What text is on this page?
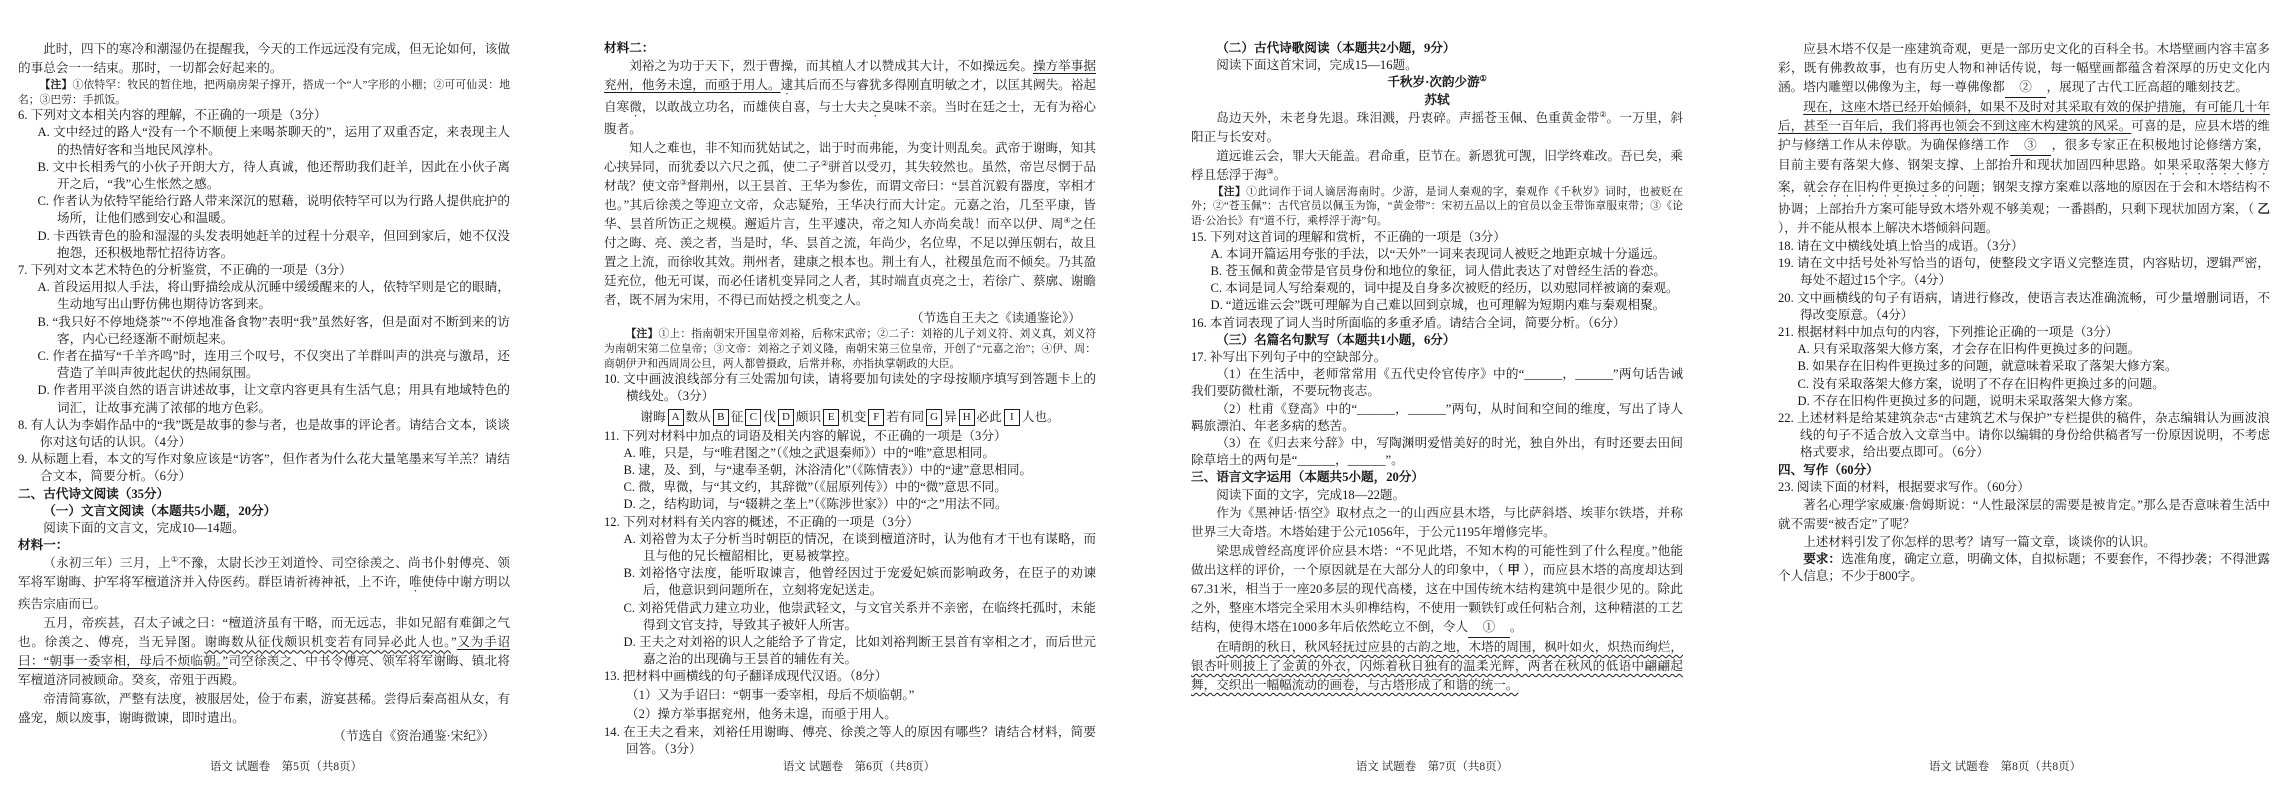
此时，四下的寒冷和潮湿仍在提醒我，今天的工作远远没有完成，但无论如何，该做的事总会一一结束。那时，一切都会好起来的。
【注】①依特罕：牧民的暂住地，把两扇房架子撑开，搭成一个“人”字形的小棚；②可可仙灵：地名；③巴劳：手抓饭。
6. 下列对文本相关内容的理解，不正确的一项是（3分）
A. 文中经过的路人“没有一个不顺便上来喝茶聊天的”，运用了双重否定，来表现主人的热情好客和当地民风淳朴。
B. 文中长相秀气的小伙子开朗大方，待人真诚，他还帮助我们赶羊，因此在小伙子离开之后，“我”心生怅然之感。
C. 作者认为依特罕能给行路人带来深沉的慰藉，说明依特罕可以为行路人提供庇护的场所，让他们感到安心和温暖。
D. 卡西铁青色的脸和湿湿的头发表明她赶羊的过程十分艰辛，但回到家后，她不仅没抱怨，还积极地帮忙招待访客。
7. 下列对文本艺术特色的分析鉴赏，不正确的一项是（3分）
A. 首段运用拟人手法，将山野描绘成从沉睡中缓缓醒来的人，依特罕则是它的眼睛，生动地写出山野仿佛也期待访客到来。
B. “我只好不停地烧茶”“不停地准备食物”表明“我”虽然好客，但是面对不断到来的访客，内心已经逐渐不耐烦起来。
C. 作者在描写“千羊齐鸣”时，连用三个叹号，不仅突出了羊群叫声的洪亮与激昂，还营造了羊叫声彼此起伏的热闹氛围。
D. 作者用平淡自然的语言讲述故事，让文章内容更具有生活气息；用具有地域特色的词汇，让故事充满了浓郁的地方色彩。
8. 有人认为李娟作品中的“我”既是故事的参与者，也是故事的评论者。请结合文本，谈谈你对这句话的认识。（4分）
9. 从标题上看，本文的写作对象应该是“访客”，但作者为什么花大量笔墨来写羊羔？请结合文本，简要分析。（6分）
二、古代诗文阅读（35分）
（一）文言文阅读（本题共5小题，20分）
阅读下面的文言文，完成10—14题。
材料一：
（永初三年）三月，上①不豫，太尉长沙王刘道怜、司空徐羡之、尚书仆射傅亮、领军将军谢晦、护军将军檀道济并入侍医药。群臣请祈祷神祇，上不许，唯使侍中谢方明以疾告宗庙而已。
五月，帝疾甚，召太子诫之曰：“檀道济虽有干略，而无远志，非如兄韶有难御之气也。徐羡之、傅亮，当无异图。谢晦数从征伐颇识机变若有同异必此人也。”又为手诏曰：“朝事一委宰相，母后不烦临朝。”司空徐羡之、中书令傅亮、领军将军谢晦、镇北将军檀道济同被顾命。癸亥，帝殂于西殿。
帝清简寡欲，严整有法度，被服居处，俭于布素，游宴甚稀。尝得后秦高祖从女，有盛宠，颇以废事，谢晦微谏，即时遣出。
（节选自《资治通鉴·宋纪》）
语文 试题卷　第5页（共8页）
材料二：
刘裕之为功于天下，烈于曹操，而其植人才以赞成其大计，不如操远矣。操方举事据兖州，他务未遑，而亟于用人。逮其后而丕与睿犹多得刚直明敏之才，以匡其阙失。裕起自寒微，以敢战立功名，而雄侠自喜，与士大夫之臭味不亲。当时在廷之士，无有为裕心腹者。
知人之难也，非不知而犹姑试之，诎于时而弗能，为变计则乱矣。武帝于谢晦，知其心挟异同，而犹委以六尺之孤，使二子②骈首以受刃，其失较然也。虽然，帝岂尽惘于品材哉？使文帝③督荆州，以王昙首、王华为参佐，而谓文帝曰：“昙首沉毅有器度，宰相才也。”其后徐羡之等迎立文帝，众志疑殆，王华决行而大计定。元嘉之治，几至平康，皆华、昙首所饬正之规模。邂逅片言，生平遽决，帝之知人亦尚矣哉！而卒以伊、周④之任付之晦、亮、羡之者，当是时，华、昙首之流，年尚少，名位卑，不足以弹压朝右，故且置之上流，而徐收其效。荆州者，建康之根本也。荆土有人，社稷虽危而不倾矣。乃其盈廷充位，他无可谋，而必任诸机变异同之人者，其时端直贞亮之士，若徐广、蔡廓、谢瞻者，既不屑为宋用，不得已而姑授之机变之人。
（节选自王夫之《读通鉴论》）
【注】①上：指南朝宋开国皇帝刘裕，后称宋武帝；②二子：刘裕的儿子刘义符、刘义真，刘义符为南朝宋第二位皇帝；③文帝：刘裕之子刘义隆，南朝宋第三位皇帝，开创了“元嘉之治”；④伊、周：商朝伊尹和西周周公旦，两人都曾摄政，后常并称，亦指执掌朝政的大臣。
10. 文中画波浪线部分有三处需加句读，请将要加句读处的字母按顺序填写到答题卡上的横线处。（3分）
谢晦 A 数从 B 征 C 伐 D 颇识 E 机变 F 若有同 G 异 H 必此 I 人也。
11. 下列对材料中加点的词语及相关内容的解说，不正确的一项是（3分）
A. 唯，只是，与“唯君图之”（《烛之武退秦师》）中的“唯”意思相同。
B. 逮，及、到，与“逮奉圣朝，沐浴清化”（《陈情表》）中的“逮”意思相同。
C. 微，卑微，与“其文约，其辞微”（《屈原列传》）中的“微”意思不同。
D. 之，结构助词，与“辍耕之垄上”（《陈涉世家》）中的“之”用法不同。
12. 下列对材料有关内容的概述，不正确的一项是（3分）
A. 刘裕曾为太子分析当时朝臣的情况，在谈到檀道济时，认为他有才干也有谋略，而且与他的兄长檀韶相比，更易被掌控。
B. 刘裕恪守法度，能听取谏言，他曾经因过于宠爱妃嫔而影响政务，在臣子的劝谏后，他意识到问题所在，立刻将宠妃送走。
C. 刘裕凭借武力建立功业，他崇武轻文，与文官关系并不亲密，在临终托孤时，未能得到文官支持，导致其子被奸人所害。
D. 王夫之对刘裕的识人之能给予了肯定，比如刘裕判断王昙首有宰相之才，而后世元嘉之治的出现确与王昙首的辅佐有关。
13. 把材料中画横线的句子翻译成现代汉语。（8分）
（1）又为手诏曰：“朝事一委宰相，母后不烦临朝。”
（2）操方举事据兖州，他务未遑，而亟于用人。
14. 在王夫之看来，刘裕任用谢晦、傅亮、徐羡之等人的原因有哪些？请结合材料，简要回答。（3分）
语文 试题卷　第6页（共8页）
（二）古代诗歌阅读（本题共2小题，9分）
阅读下面这首宋词，完成15—16题。
千秋岁·次韵少游①
苏轼
岛边天外，未老身先退。珠泪溅，丹衷碎。声摇苍玉佩、色重黄金带②。一万里，斜阳正与长安对。
道远谁云会，罪大天能盖。君命重，臣节在。新恩犹可觊，旧学终难改。吾已矣，乘桴且恁浮于海③。
【注】①此词作于词人谪居海南时。少游，是词人秦观的字，秦观作《千秋岁》词时，也被贬在外；②“苍玉佩”：古代官员以佩玉为饰，“黄金带”：宋初五品以上的官员以金玉带饰章服束带；③《论语·公冶长》有“道不行，乘桴浮于海”句。
15. 下列对这首词的理解和赏析，不正确的一项是（3分）
A. 本词开篇运用夸张的手法，以“天外”一词来表现词人被贬之地距京城十分遥远。
B. 苍玉佩和黄金带是官员身份和地位的象征，词人借此表达了对曾经生活的眷恋。
C. 本词是词人写给秦观的，词中提及自身多次被贬的经历，以劝慰同样被谪的秦观。
D. “道远谁云会”既可理解为自己难以回到京城，也可理解为短期内难与秦观相聚。
16. 本首词表现了词人当时所面临的多重矛盾。请结合全词，简要分析。（6分）
（三）名篇名句默写（本题共1小题，6分）
17. 补写出下列句子中的空缺部分。
（1）在生活中，老师常常用《五代史伶官传序》中的“______，______”两句话告诫我们要防微杜渐，不要玩物丧志。
（2）杜甫《登高》中的“______，______”两句，从时间和空间的维度，写出了诗人羁旅漂泊、年老多病的愁苦。
（3）在《归去来兮辞》中，写陶渊明爱惜美好的时光，独自外出，有时还要去田间除草培土的两句是“______，______”。
三、语言文字运用（本题共5小题，20分）
阅读下面的文字，完成18—22题。
作为《黑神话·悟空》取材点之一的山西应县木塔，与比萨斜塔、埃菲尔铁塔，并称世界三大奇塔。木塔始建于公元1056年，于公元1195年增修完毕。
梁思成曾经高度评价应县木塔：“不见此塔，不知木构的可能性到了什么程度。”他能做出这样的评价，一个原因就是在大部分人的印象中，（ 甲 ），而应县木塔的高度却达到67.31米，相当于一座20多层的现代高楼，这在中国传统木结构建筑中是很少见的。除此之外，整座木塔完全采用木头卯榫结构，不使用一颗铁钉或任何粘合剂，这种精湛的工艺结构，使得木塔在1000多年后依然屹立不倒，令人　①　。
在晴朗的秋日，秋风轻抚过应县的古韵之地，木塔的周围，枫叶如火，炽热而绚烂，银杏叶则披上了金黄的外衣，闪烁着秋日独有的温柔光辉，两者在秋风的低语中翩翩起舞，交织出一幅幅流动的画卷，与古塔形成了和谐的统一。
语文 试题卷　第7页（共8页）
应县木塔不仅是一座建筑奇观，更是一部历史文化的百科全书。木塔壁画内容丰富多彩，既有佛教故事，也有历史人物和神话传说，每一幅壁画都蕴含着深厚的历史文化内涵。塔内雕塑以佛像为主，每一尊佛像都　②　，展现了古代工匠高超的雕刻技艺。
现在，这座木塔已经开始倾斜，如果不及时对其采取有效的保护措施，有可能几十年后，甚至一百年后，我们将再也领会不到这座木构建筑的风采。可喜的是，应县木塔的维护与修缮工作从未停歇。为确保修缮工作　③　，很多专家正在积极地讨论修缮方案，目前主要有落架大修、钢架支撑、上部抬升和现状加固四种思路。如果采取落架大修方案，就会存在旧构件更换过多的问题；钢架支撑方案难以落地的原因在于会和木塔结构不协调；上部抬升方案可能导致木塔外观不够美观；一番斟酌，只剩下现状加固方案，（ 乙 ），并不能从根本上解决木塔倾斜问题。
18. 请在文中横线处填上恰当的成语。（3分）
19. 请在文中括号处补写恰当的语句，使整段文字语义完整连贯，内容贴切，逻辑严密，每处不超过15个字。（4分）
20. 文中画横线的句子有语病，请进行修改，使语言表达准确流畅，可少量增删词语，不得改变原意。（4分）
21. 根据材料中加点句的内容，下列推论正确的一项是（3分）
A. 只有采取落架大修方案，才会存在旧构件更换过多的问题。
B. 如果存在旧构件更换过多的问题，就意味着采取了落架大修方案。
C. 没有采取落架大修方案，说明了不存在旧构件更换过多的问题。
D. 不存在旧构件更换过多的问题，说明未采取落架大修方案。
22. 上述材料是给某建筑杂志“古建筑艺术与保护”专栏提供的稿件，杂志编辑认为画波浪线的句子不适合放入文章当中。请你以编辑的身份给供稿者写一份原因说明，不考虑格式要求，给出要点即可。（6分）
四、写作（60分）
23. 阅读下面的材料，根据要求写作。（60分）
著名心理学家威廉·詹姆斯说：“人性最深层的需要是被肯定。”那么是否意味着生活中就不需要“被否定”了呢？
上述材料引发了你怎样的思考？请写一篇文章，谈谈你的认识。
要求：选准角度，确定立意，明确文体，自拟标题；不要套作，不得抄袭；不得泄露个人信息；不少于800字。
语文 试题卷　第8页（共8页）
